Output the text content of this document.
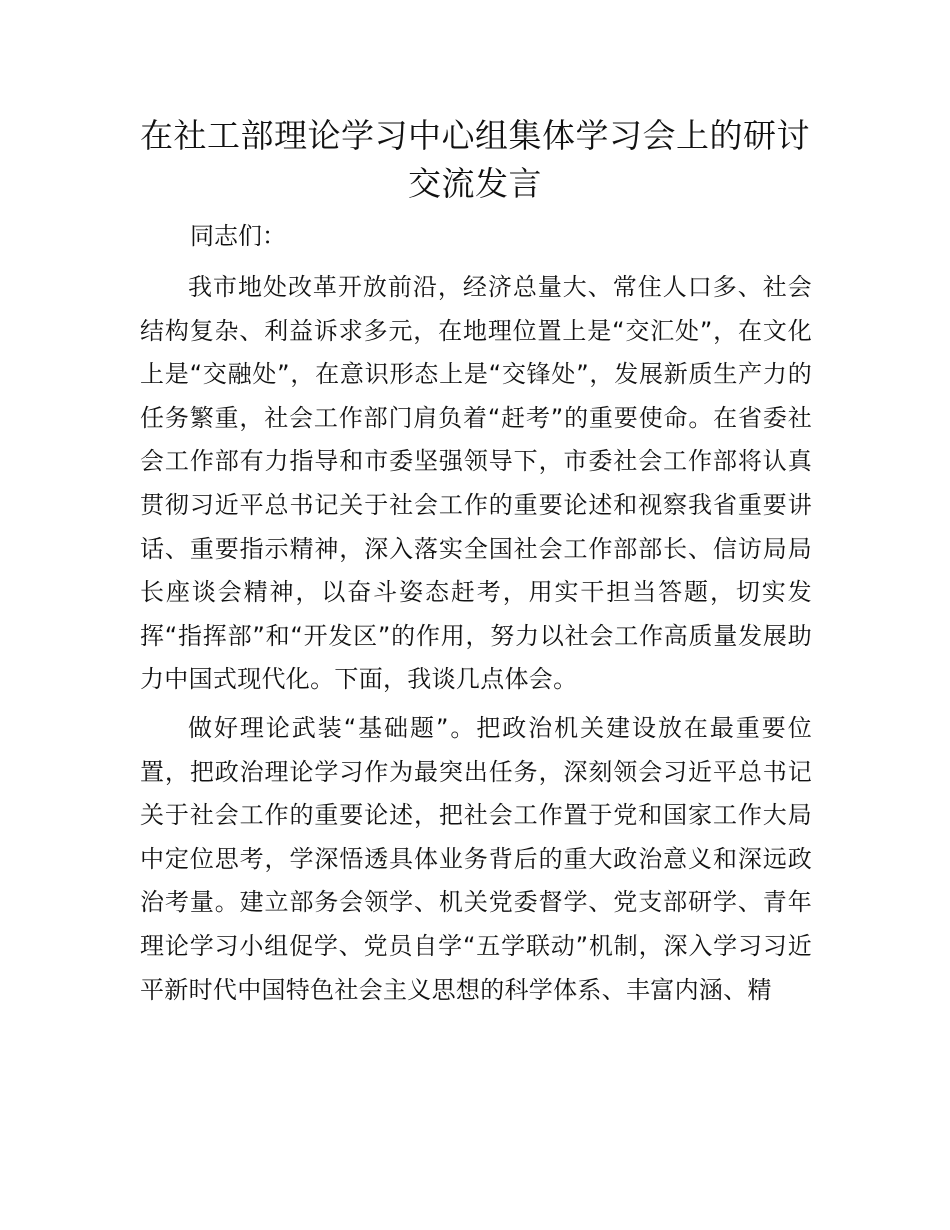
在社工部理论学习中心组集体学习会上的研讨
交流发言

同志们：

我市地处改革开放前沿，经济总量大、常住人口多、社会结构复杂、利益诉求多元，在地理位置上是“交汇处”，在文化上是“交融处”，在意识形态上是“交锋处”，发展新质生产力的任务繁重，社会工作部门肩负着“赶考”的重要使命。在省委社会工作部有力指导和市委坚强领导下，市委社会工作部将认真贯彻习近平总书记关于社会工作的重要论述和视察我省重要讲话、重要指示精神，深入落实全国社会工作部部长、信访局局长座谈会精神，以奋斗姿态赶考，用实干担当答题，切实发挥“指挥部”和“开发区”的作用，努力以社会工作高质量发展助力中国式现代化。下面，我谈几点体会。

做好理论武装“基础题”。把政治机关建设放在最重要位置，把政治理论学习作为最突出任务，深刻领会习近平总书记关于社会工作的重要论述，把社会工作置于党和国家工作大局中定位思考，学深悟透具体业务背后的重大政治意义和深远政治考量。建立部务会领学、机关党委督学、党支部研学、青年理论学习小组促学、党员自学“五学联动”机制，深入学习习近平新时代中国特色社会主义思想的科学体系、丰富内涵、精
